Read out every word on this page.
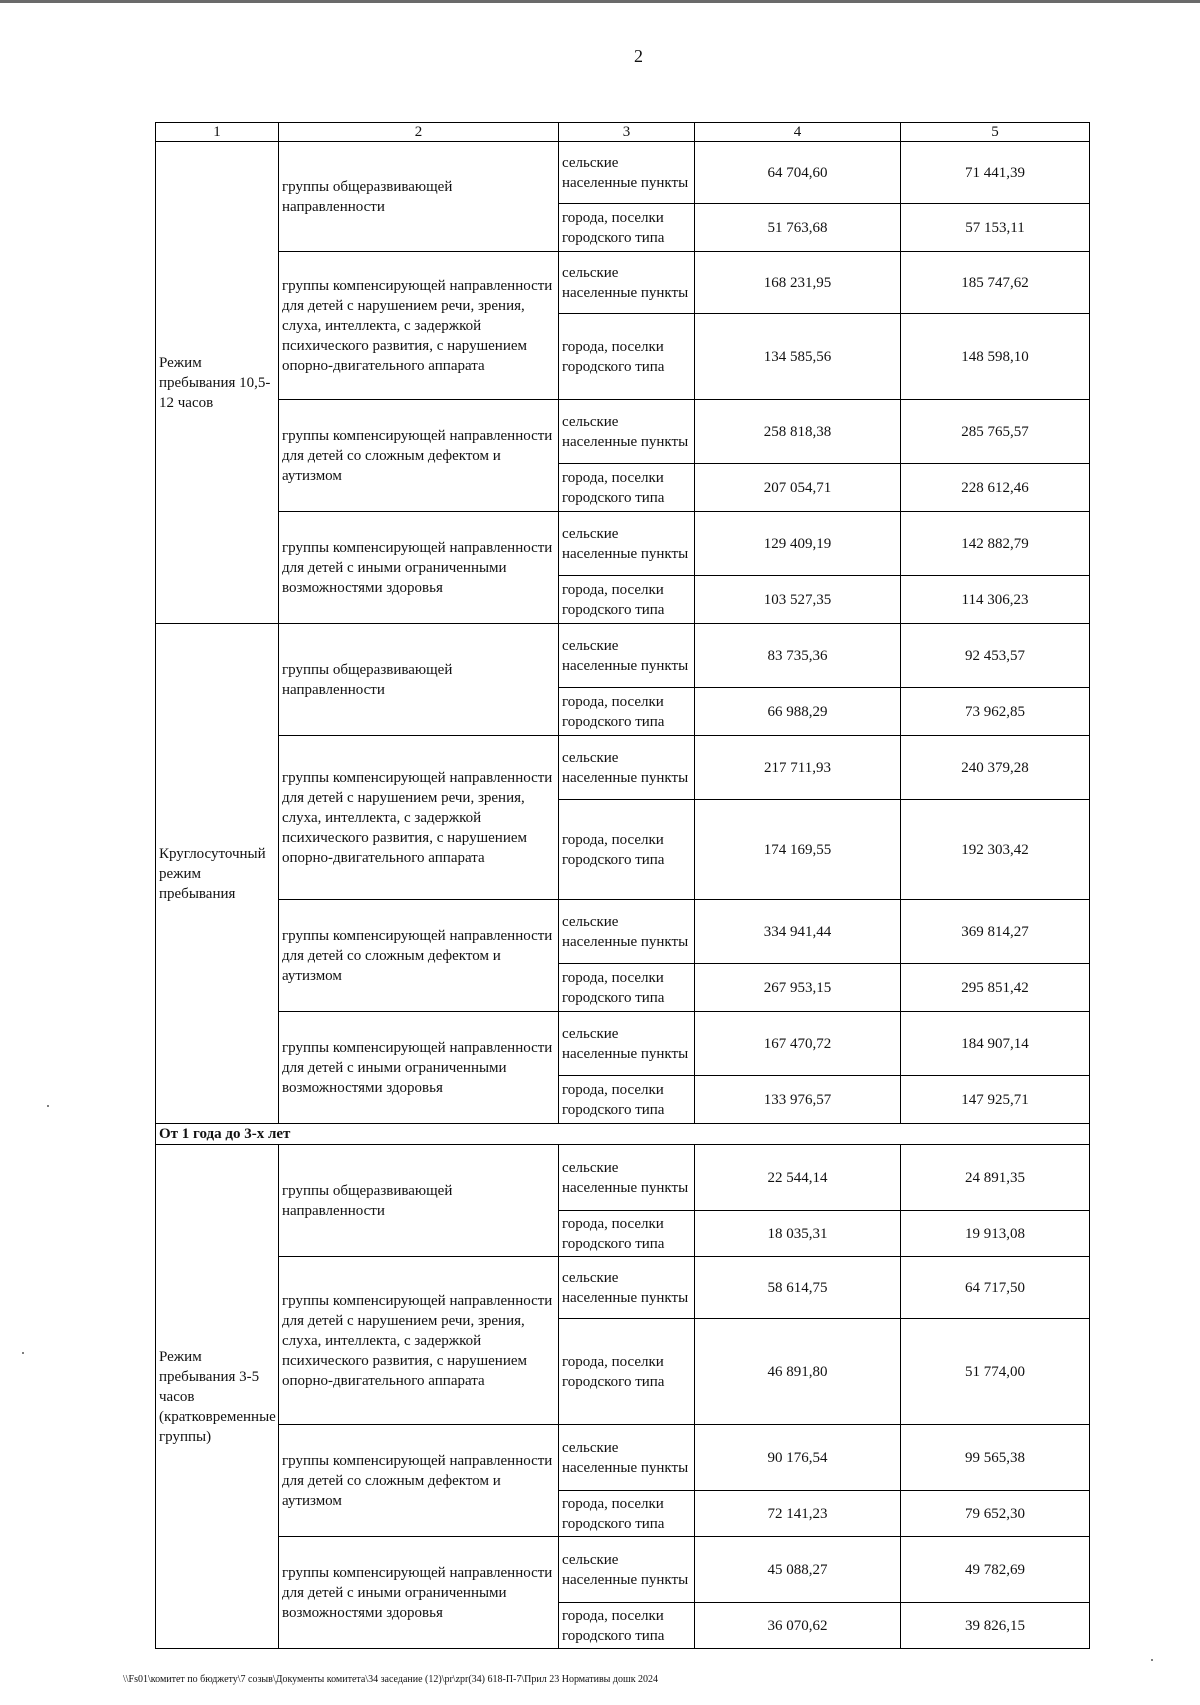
2
1	2	3	4	5
Режим пребывания 10,5-12 часов	группы общеразвивающей направленности	сельские населенные пункты	64 704,60	71 441,39
		города, поселки городского типа	51 763,68	57 153,11
	группы компенсирующей направленности для детей с нарушением речи, зрения, слуха, интеллекта, с задержкой психического развития, с нарушением опорно-двигательного аппарата	сельские населенные пункты	168 231,95	185 747,62
		города, поселки городского типа	134 585,56	148 598,10
	группы компенсирующей направленности для детей со сложным дефектом и аутизмом	сельские населенные пункты	258 818,38	285 765,57
		города, поселки городского типа	207 054,71	228 612,46
	группы компенсирующей направленности для детей с иными ограниченными возможностями здоровья	сельские населенные пункты	129 409,19	142 882,79
		города, поселки городского типа	103 527,35	114 306,23
Круглосуточный режим пребывания	группы общеразвивающей направленности	сельские населенные пункты	83 735,36	92 453,57
		города, поселки городского типа	66 988,29	73 962,85
	группы компенсирующей направленности для детей с нарушением речи, зрения, слуха, интеллекта, с задержкой психического развития, с нарушением опорно-двигательного аппарата	сельские населенные пункты	217 711,93	240 379,28
		города, поселки городского типа	174 169,55	192 303,42
	группы компенсирующей направленности для детей со сложным дефектом и аутизмом	сельские населенные пункты	334 941,44	369 814,27
		города, поселки городского типа	267 953,15	295 851,42
	группы компенсирующей направленности для детей с иными ограниченными возможностями здоровья	сельские населенные пункты	167 470,72	184 907,14
		города, поселки городского типа	133 976,57	147 925,71
От 1 года до 3-х лет				
Режим пребывания 3-5 часов (кратковременные группы)	группы общеразвивающей направленности	сельские населенные пункты	22 544,14	24 891,35
		города, поселки городского типа	18 035,31	19 913,08
	группы компенсирующей направленности для детей с нарушением речи, зрения, слуха, интеллекта, с задержкой психического развития, с нарушением опорно-двигательного аппарата	сельские населенные пункты	58 614,75	64 717,50
		города, поселки городского типа	46 891,80	51 774,00
	группы компенсирующей направленности для детей со сложным дефектом и аутизмом	сельские населенные пункты	90 176,54	99 565,38
		города, поселки городского типа	72 141,23	79 652,30
	группы компенсирующей направленности для детей с иными ограниченными возможностями здоровья	сельские населенные пункты	45 088,27	49 782,69
		города, поселки городского типа	36 070,62	39 826,15
\\Fs01\комитет по бюджету\7 созыв\Документы комитета\34 заседание (12)\pr\zpr(34) 618-П-7\Прил 23 Нормативы дошк 2024
